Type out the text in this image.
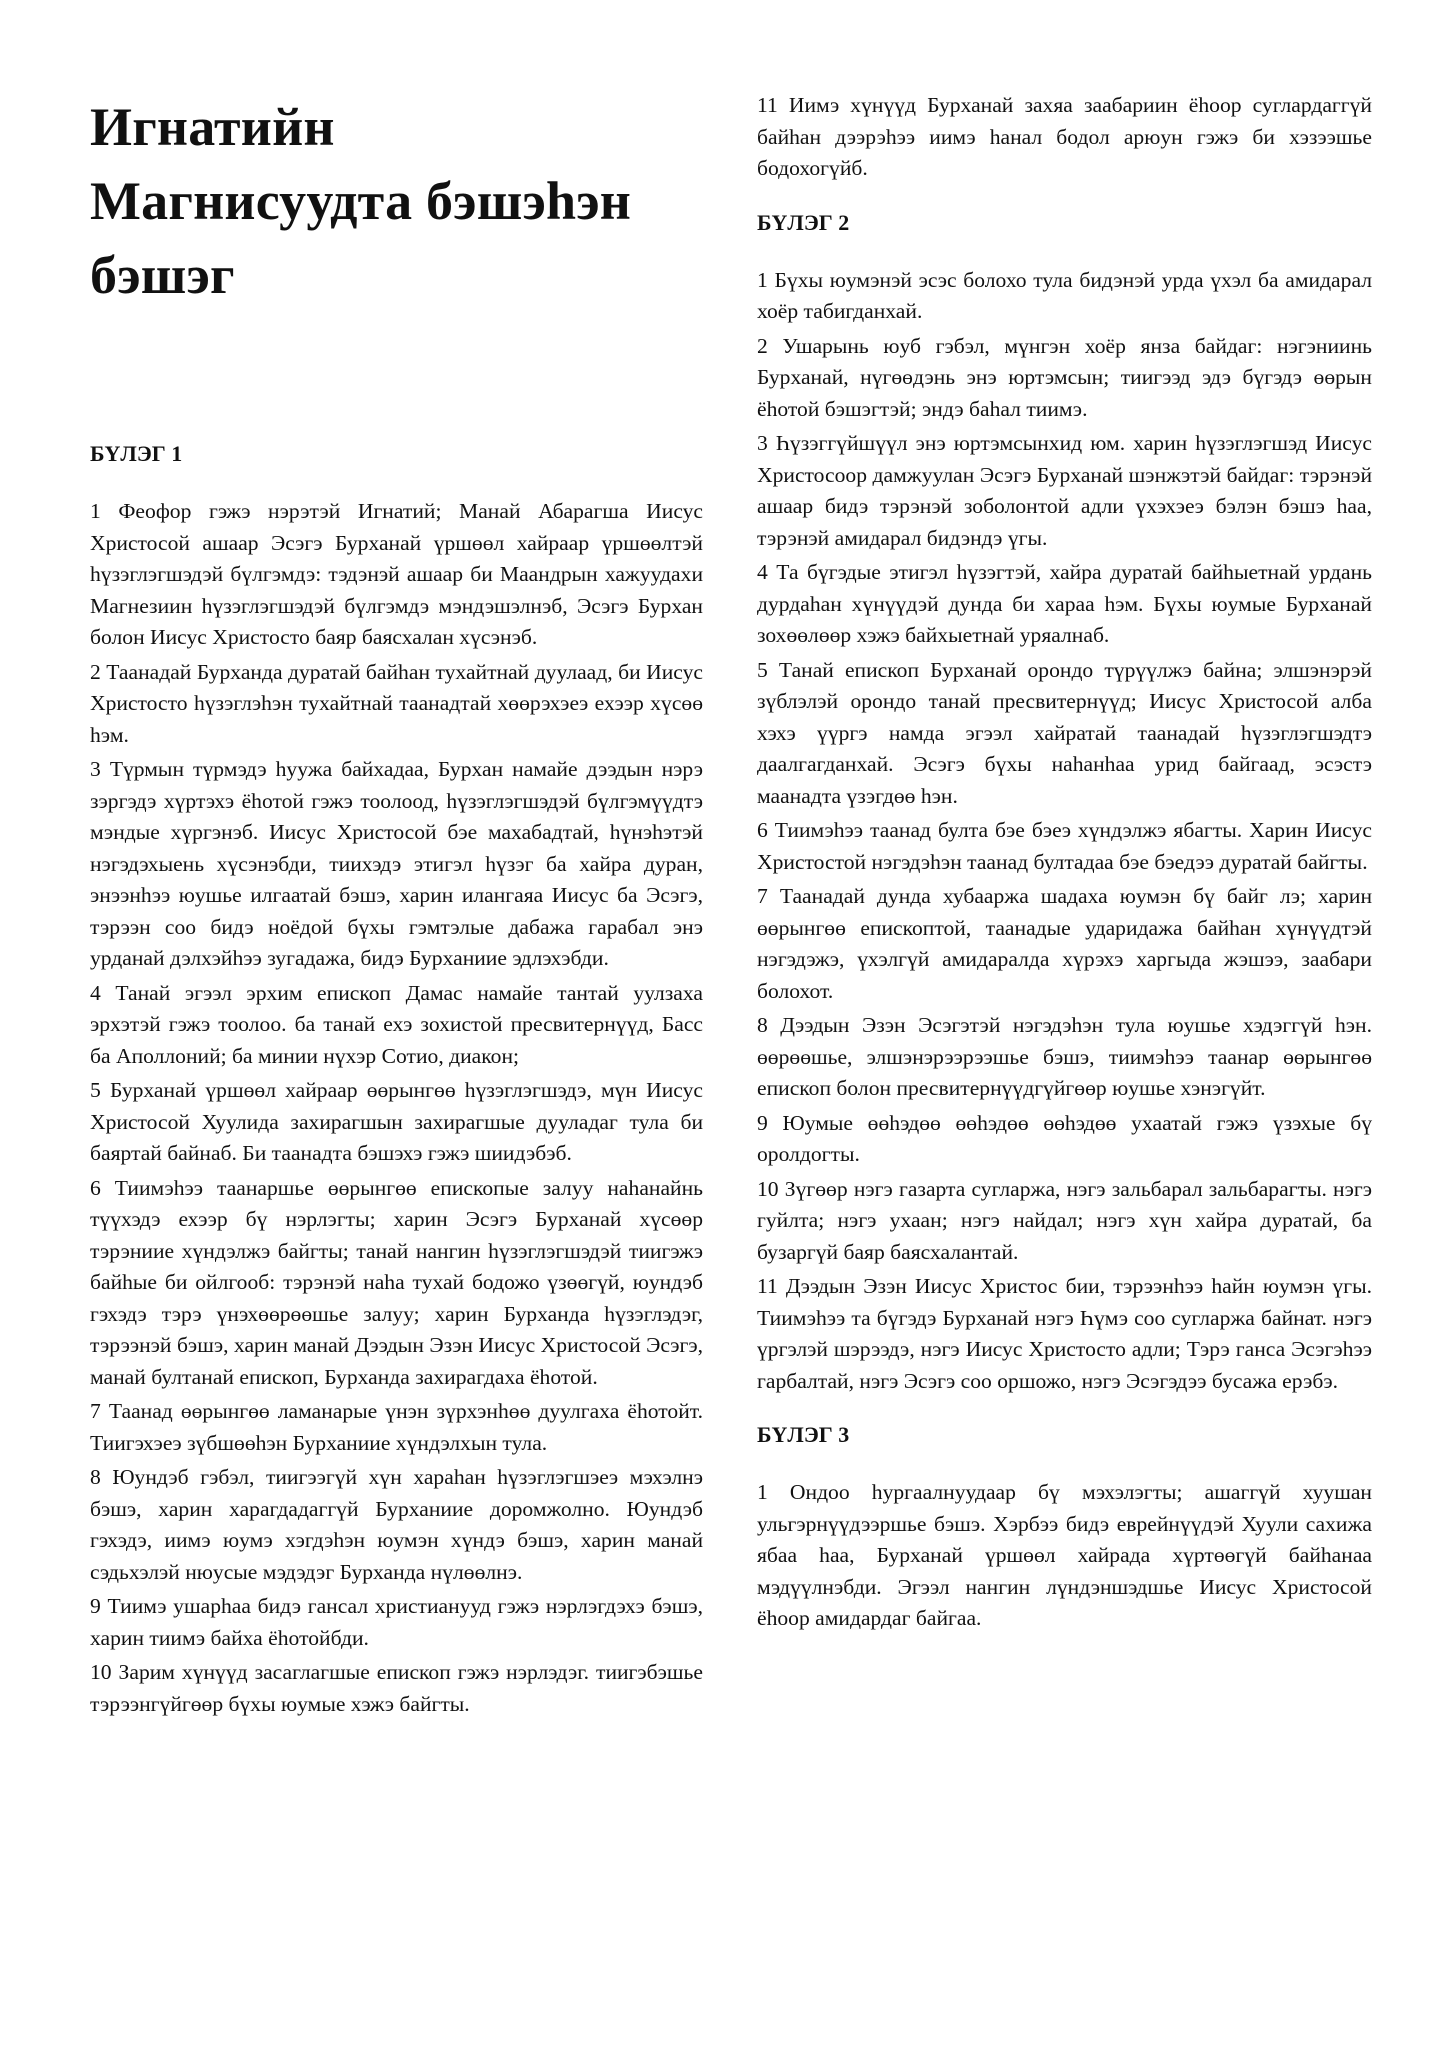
Игнатийн
Магнисуудта бэшэһэн
бэшэг
БҮЛЭГ 1

1 Феофор гэжэ нэрэтэй Игнатий; Манай Абарагша Иисус Христосой ашаар Эсэгэ Бурханай үршөөл хайраар үршөөлтэй һүзэглэгшэдэй бүлгэмдэ: тэдэнэй ашаар би Маандрын хажуудахи Магнезиин һүзэглэгшэдэй бүлгэмдэ мэндэшэлнэб, Эсэгэ Бурхан болон Иисус Христосто баяр баясхалан хүсэнэб.

2 Таанадай Бурханда дуратай байһан тухайтнай дуулаад, би Иисус Христосто һүзэглэһэн тухайтнай таанадтай хөөрэхэеэ ехээр хүсөө һэм.

3 Түрмын түрмэдэ һуужа байхадаа, Бурхан намайе дээдын нэрэ зэргэдэ хүртэхэ ёһотой гэжэ тоолоод, һүзэглэгшэдэй бүлгэмүүдтэ мэндые хүргэнэб. Иисус Христосой бэе махабадтай, һүнэһэтэй нэгэдэхыень хүсэнэбди, тиихэдэ этигэл һүзэг ба хайра дуран, энээнһээ юушье илгаатай бэшэ, харин илангаяа Иисус ба Эсэгэ, тэрээн соо бидэ ноёдой бүхы гэмтэлые дабажа гарабал энэ урданай дэлхэйһээ зугадажа, бидэ Бурханиие эдлэхэбди.

4 Танай эгээл эрхим епископ Дамас намайе тантай уулзаха эрхэтэй гэжэ тоолоо. ба танай ехэ зохистой пресвитернүүд, Басс ба Аполлоний; ба минии нүхэр Сотио, диакон;

5 Бурханай үршөөл хайраар өөрынгөө һүзэглэгшэдэ, мүн Иисус Христосой Хуулида захирагшын захирагшые дууладаг тула би баяртай байнаб. Би таанадта бэшэхэ гэжэ шиидэбэб.

6 Тиимэһээ таанаршье өөрынгөө епископые залуу наһанайнь түүхэдэ ехээр бү нэрлэгты; харин Эсэгэ Бурханай хүсөөр тэрэниие хүндэлжэ байгты; танай нангин һүзэглэгшэдэй тиигэжэ байһые би ойлгооб: тэрэнэй наһа тухай бодожо үзөөгүй, юундэб гэхэдэ тэрэ үнэхөөрөөшье залуу; харин Бурханда һүзэглэдэг, тэрээнэй бэшэ, харин манай Дээдын Эзэн Иисус Христосой Эсэгэ, манай бултанай епископ, Бурханда захирагдаха ёһотой.

7 Таанад өөрынгөө ламанарые үнэн зүрхэнһөө дуулгаха ёһотойт. Тиигэхэеэ зүбшөөһэн Бурханиие хүндэлхын тула.

8 Юундэб гэбэл, тиигээгүй хүн хараһан һүзэглэгшэеэ мэхэлнэ бэшэ, харин харагдадаггүй Бурханиие доромжолно. Юундэб гэхэдэ, иимэ юумэ хэгдэһэн юумэн хүндэ бэшэ, харин манай сэдьхэлэй нюусые мэдэдэг Бурханда нүлөөлнэ.

9 Тиимэ ушарһаа бидэ гансал христианууд гэжэ нэрлэгдэхэ бэшэ, харин тиимэ байха ёһотойбди.

10 Зарим хүнүүд засаглагшые епископ гэжэ нэрлэдэг. тиигэбэшье тэрээнгүйгөөр бүхы юумые хэжэ байгты.

11 Иимэ хүнүүд Бурханай захяа заабариин ёһоор суглардаггүй байһан дээрэһээ иимэ һанал бодол арюун гэжэ би хэзээшье бодохогүйб.

БҮЛЭГ 2

1 Бүхы юумэнэй эсэс болохо тула бидэнэй урда үхэл ба амидарал хоёр табигданхай.

2 Ушарынь юуб гэбэл, мүнгэн хоёр янза байдаг: нэгэниинь Бурханай, нүгөөдэнь энэ юртэмсын; тиигээд эдэ бүгэдэ өөрын ёһотой бэшэгтэй; эндэ баһал тиимэ.

3 Һүзэггүйшүүл энэ юртэмсынхид юм. харин һүзэглэгшэд Иисус Христосоор дамжуулан Эсэгэ Бурханай шэнжэтэй байдаг: тэрэнэй ашаар бидэ тэрэнэй зоболонтой адли үхэхэеэ бэлэн бэшэ һаа, тэрэнэй амидарал бидэндэ үгы.

4 Та бүгэдые этигэл һүзэгтэй, хайра дуратай байһыетнай урдань дурдаһан хүнүүдэй дунда би хараа һэм. Бүхы юумые Бурханай зохөөлөөр хэжэ байхыетнай уряалнаб.

5 Танай епископ Бурханай орондо түрүүлжэ байна; элшэнэрэй зүблэлэй орондо танай пресвитернүүд; Иисус Христосой алба хэхэ үүргэ намда эгээл хайратай таанадай һүзэглэгшэдтэ даалгагданхай. Эсэгэ бүхы наһанһаа урид байгаад, эсэстэ маанадта үзэгдөө һэн.

6 Тиимэһээ таанад булта бэе бэеэ хүндэлжэ ябагты. Харин Иисус Христостой нэгэдэһэн таанад бултадаа бэе бэедээ дуратай байгты.

7 Таанадай дунда хубааржа шадаха юумэн бү байг лэ; харин өөрынгөө епископтой, таанадые ударидажа байһан хүнүүдтэй нэгэдэжэ, үхэлгүй амидаралда хүрэхэ харгыда жэшээ, заабари болохот.

8 Дээдын Эзэн Эсэгэтэй нэгэдэһэн тула юушье хэдэггүй һэн. өөрөөшье, элшэнэрээрээшье бэшэ, тиимэһээ таанар өөрынгөө епископ болон пресвитернүүдгүйгөөр юушье хэнэгүйт.

9 Юумые өөһэдөө өөһэдөө өөһэдөө ухаатай гэжэ үзэхые бү оролдогты.

10 Зүгөөр нэгэ газарта сугларжа, нэгэ зальбарал зальбарагты. нэгэ гуйлта; нэгэ ухаан; нэгэ найдал; нэгэ хүн хайра дуратай, ба бузаргүй баяр баясхалантай.

11 Дээдын Эзэн Иисус Христос бии, тэрээнһээ һайн юумэн үгы. Тиимэһээ та бүгэдэ Бурханай нэгэ Һүмэ соо сугларжа байнат. нэгэ үргэлэй шэрээдэ, нэгэ Иисус Христосто адли; Тэрэ ганса Эсэгэһээ гарбалтай, нэгэ Эсэгэ соо оршожо, нэгэ Эсэгэдээ бусажа ерэбэ.

БҮЛЭГ 3

1 Ондоо һургаалнуудаар бү мэхэлэгты; ашаггүй хуушан ульгэрнүүдээршье бэшэ. Хэрбээ бидэ еврейнүүдэй Хуули сахижа ябаа һаа, Бурханай үршөөл хайрада хүртөөгүй байһанаа мэдүүлнэбди. Эгээл нангин лүндэншэдшье Иисус Христосой ёһоор амидардаг байгаа.
